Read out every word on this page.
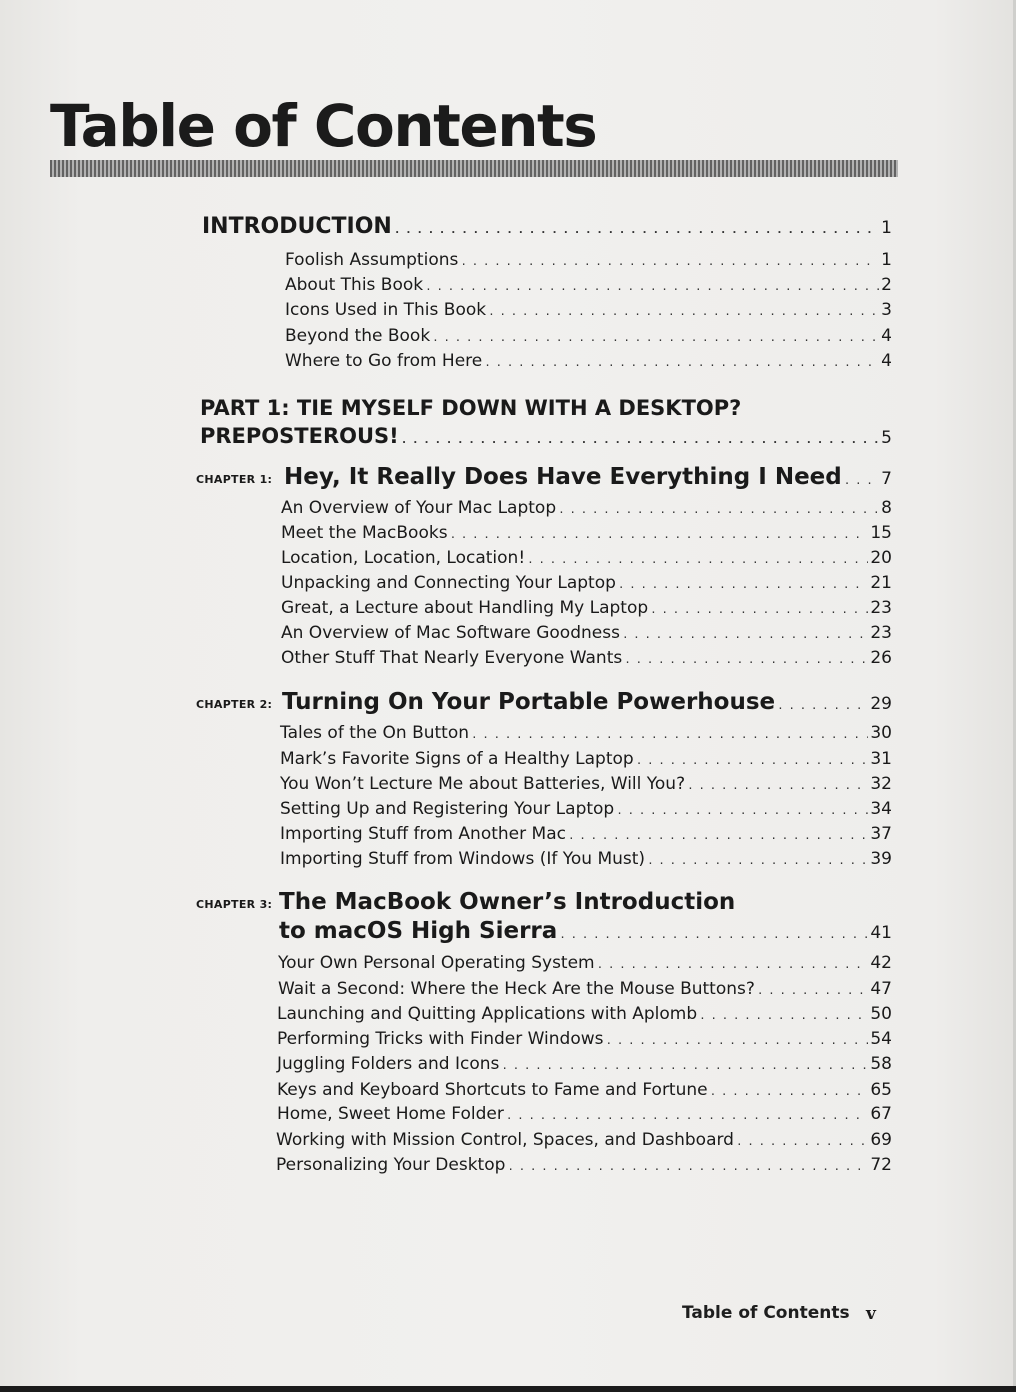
Table of Contents
INTRODUCTION . . .	1
Foolish Assumptions . . .	1
About This Book . . .	2
Icons Used in This Book . . .	3
Beyond the Book . . .	4
Where to Go from Here . . .	4
PART 1: TIE MYSELF DOWN WITH A DESKTOP?
PREPOSTEROUS! . . .	5
CHAPTER 1: Hey, It Really Does Have Everything I Need . . . 7
An Overview of Your Mac Laptop . . .	8
Meet the MacBooks . . .	15
Location, Location, Location! . . .	20
Unpacking and Connecting Your Laptop . . .	21
Great, a Lecture about Handling My Laptop . . .	23
An Overview of Mac Software Goodness . . .	23
Other Stuff That Nearly Everyone Wants . . .	26
CHAPTER 2: Turning On Your Portable Powerhouse . . .	29
Tales of the On Button . . .	30
Mark’s Favorite Signs of a Healthy Laptop . . .	31
You Won’t Lecture Me about Batteries, Will You? . . .	32
Setting Up and Registering Your Laptop . . .	34
Importing Stuff from Another Mac . . .	37
Importing Stuff from Windows (If You Must) . . .	39
CHAPTER 3: The MacBook Owner’s Introduction
to macOS High Sierra . . .	41
Your Own Personal Operating System . . .	42
Wait a Second: Where the Heck Are the Mouse Buttons? . . .	47
Launching and Quitting Applications with Aplomb . . .	50
Performing Tricks with Finder Windows . . .	54
Juggling Folders and Icons . . .	58
Keys and Keyboard Shortcuts to Fame and Fortune . . .	65
Home, Sweet Home Folder . . .	67
Working with Mission Control, Spaces, and Dashboard . . .	69
Personalizing Your Desktop . . .	72
Table of Contents v
